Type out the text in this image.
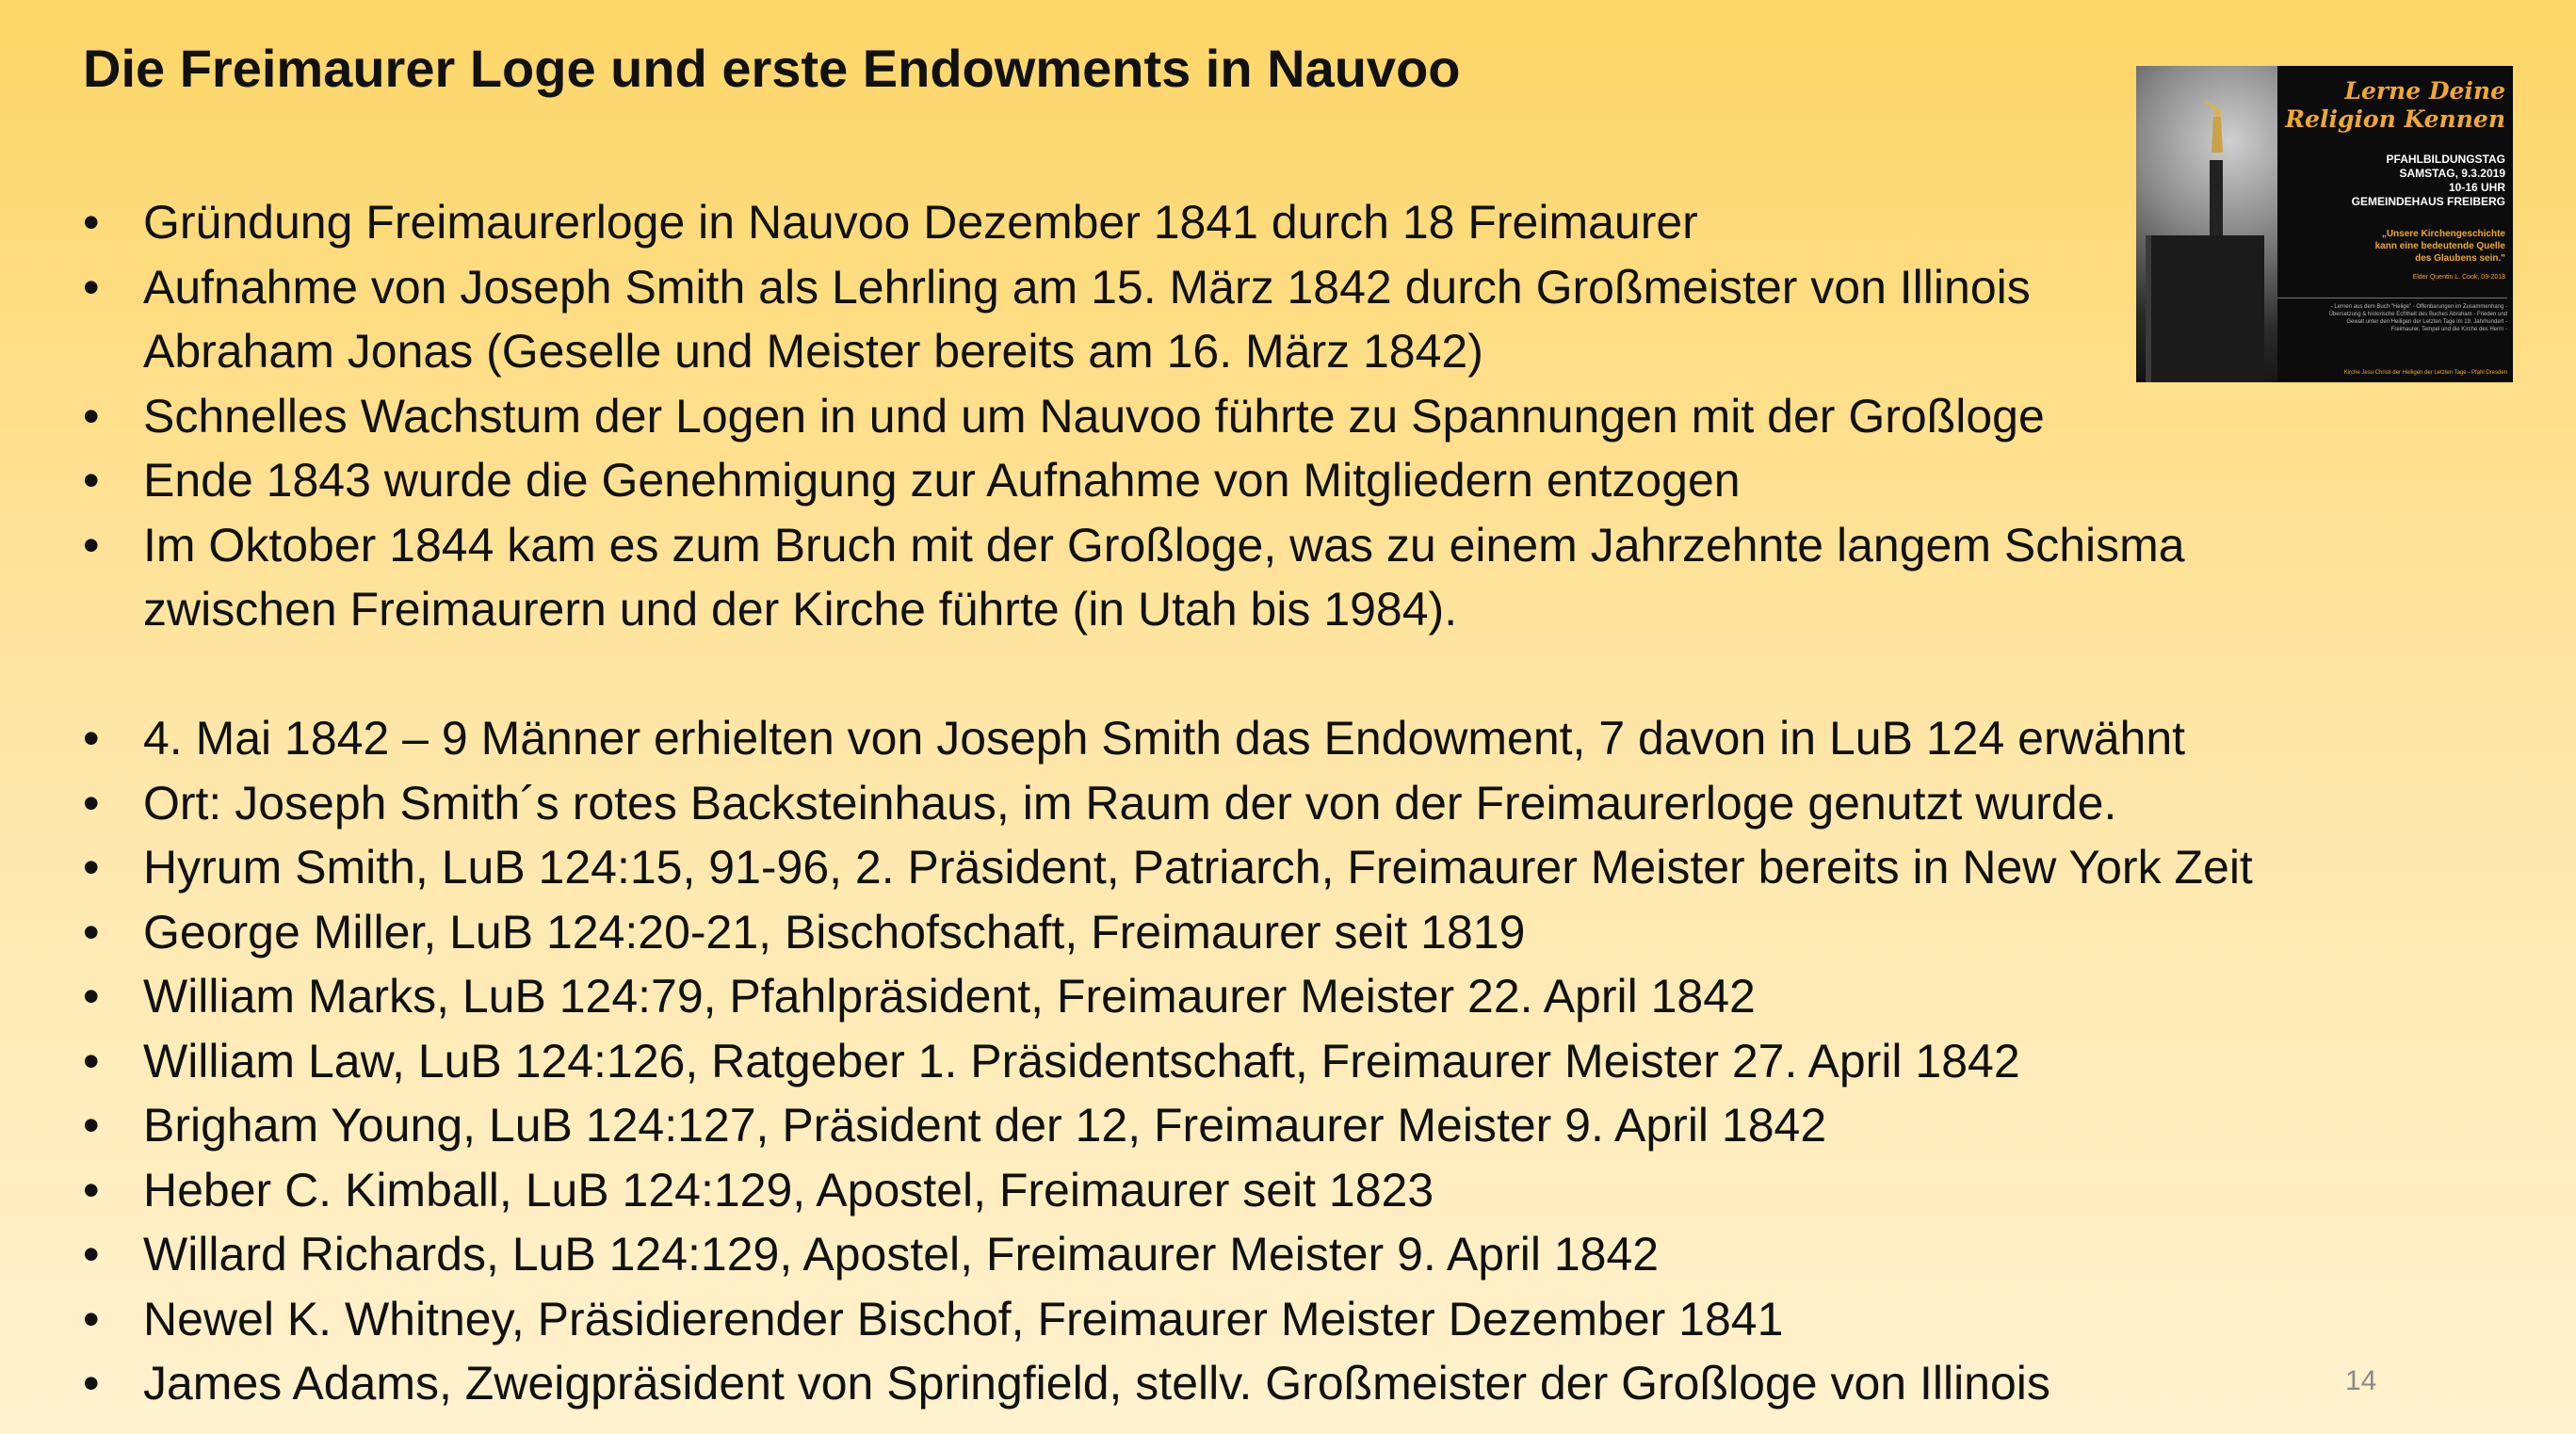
Die Freimaurer Loge und erste Endowments in Nauvoo
• Gründung Freimaurerloge in Nauvoo Dezember 1841 durch 18 Freimaurer
• Aufnahme von Joseph Smith als Lehrling am 15. März 1842 durch Großmeister von Illinois
Abraham Jonas (Geselle und Meister bereits am 16. März 1842)
• Schnelles Wachstum der Logen in und um Nauvoo führte zu Spannungen mit der Großloge
• Ende 1843 wurde die Genehmigung zur Aufnahme von Mitgliedern entzogen
• Im Oktober 1844 kam es zum Bruch mit der Großloge, was zu einem Jahrzehnte langem Schisma
zwischen Freimaurern und der Kirche führte (in Utah bis 1984).
• 4. Mai 1842 – 9 Männer erhielten von Joseph Smith das Endowment, 7 davon in LuB 124 erwähnt
• Ort: Joseph Smith´s rotes Backsteinhaus, im Raum der von der Freimaurerloge genutzt wurde.
• Hyrum Smith, LuB 124:15, 91-96, 2. Präsident, Patriarch, Freimaurer Meister bereits in New York Zeit
• George Miller, LuB 124:20-21, Bischofschaft, Freimaurer seit 1819
• William Marks, LuB 124:79, Pfahlpräsident, Freimaurer Meister 22. April 1842
• William Law, LuB 124:126, Ratgeber 1. Präsidentschaft, Freimaurer Meister 27. April 1842
• Brigham Young, LuB 124:127, Präsident der 12, Freimaurer Meister 9. April 1842
• Heber C. Kimball, LuB 124:129, Apostel, Freimaurer seit 1823
• Willard Richards, LuB 124:129, Apostel, Freimaurer Meister 9. April 1842
• Newel K. Whitney, Präsidierender Bischof, Freimaurer Meister Dezember 1841
• James Adams, Zweigpräsident von Springfield, stellv. Großmeister der Großloge von Illinois
Lerne Deine
Religion Kennen
PFAHLBILDUNGSTAG
SAMSTAG, 9.3.2019
10-16 UHR
GEMEINDEHAUS FREIBERG
„Unsere Kirchengeschichte
kann eine bedeutende Quelle
des Glaubens sein."
Elder Quentin L. Cook, 09-2018
- Lernen aus dem Buch "Helige" - Offenbarungen im Zusammenhang -
Übersetzung & historische Echtheit des Buches Abraham - Frieden und
Gewalt unter den Heiligen der Letzten Tage im 19. Jahrhundert -
Freimaurer, Tempel und die Kirche des Herrn -
Kirche Jesu Christi der Heiligen der Letzten Tage - Pfahl Dresden
14
